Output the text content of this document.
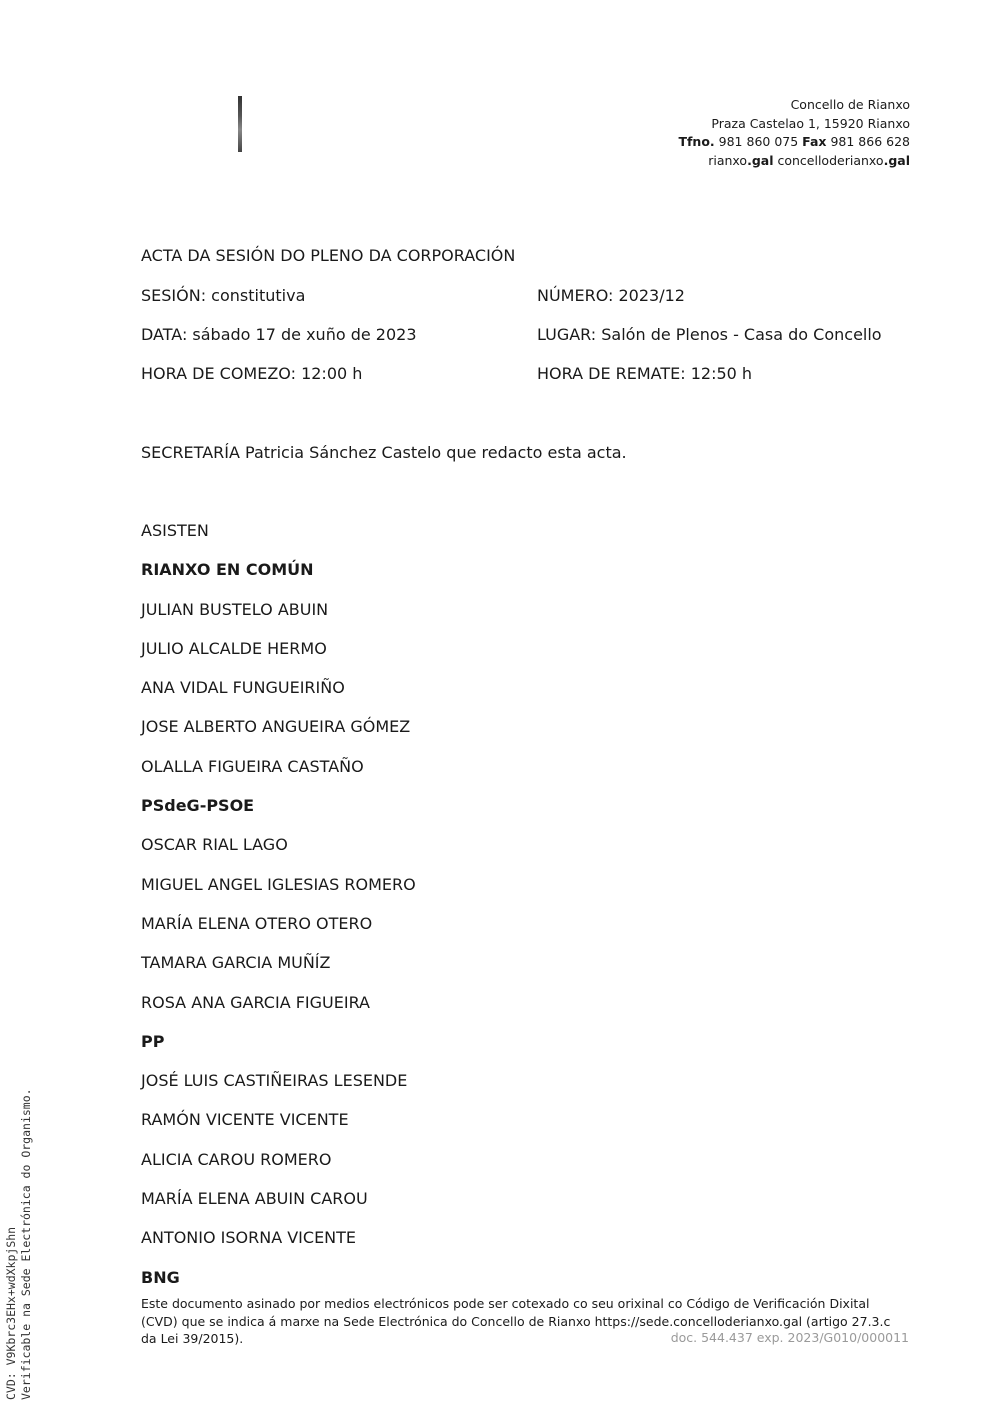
Concello de Rianxo
Praza Castelao 1, 15920 Rianxo
Tfno. 981 860 075 Fax 981 866 628
rianxo.gal concelloderianxo.gal
ACTA DA SESIÓN DO PLENO DA CORPORACIÓN
SESIÓN: constitutiva	NÚMERO: 2023/12
DATA: sábado 17 de xuño de 2023	LUGAR: Salón de Plenos - Casa do Concello
HORA DE COMEZO: 12:00 h	HORA DE REMATE: 12:50 h
SECRETARÍA Patricia Sánchez Castelo que redacto esta acta.
ASISTEN
RIANXO EN COMÚN
JULIAN BUSTELO ABUIN
JULIO ALCALDE HERMO
ANA VIDAL FUNGUEIRIÑO
JOSE ALBERTO ANGUEIRA GÓMEZ
OLALLA FIGUEIRA CASTAÑO
PSdeG-PSOE
OSCAR RIAL LAGO
MIGUEL ANGEL IGLESIAS ROMERO
MARÍA ELENA OTERO OTERO
TAMARA GARCIA MUÑÍZ
ROSA ANA GARCIA FIGUEIRA
PP
JOSÉ LUIS CASTIÑEIRAS LESENDE
RAMÓN VICENTE VICENTE
ALICIA CAROU ROMERO
MARÍA ELENA ABUIN CAROU
ANTONIO ISORNA VICENTE
BNG
Este documento asinado por medios electrónicos pode ser cotexado co seu orixinal co Código de Verificación Dixital (CVD) que se indica á marxe na Sede Electrónica do Concello de Rianxo https://sede.concelloderianxo.gal (artigo 27.3.c da Lei 39/2015).	doc. 544.437 exp. 2023/G010/000011
CVD: V9Kbrc3EHx+wdXkpjShn Verificable na Sede Electrónica do Organismo.
